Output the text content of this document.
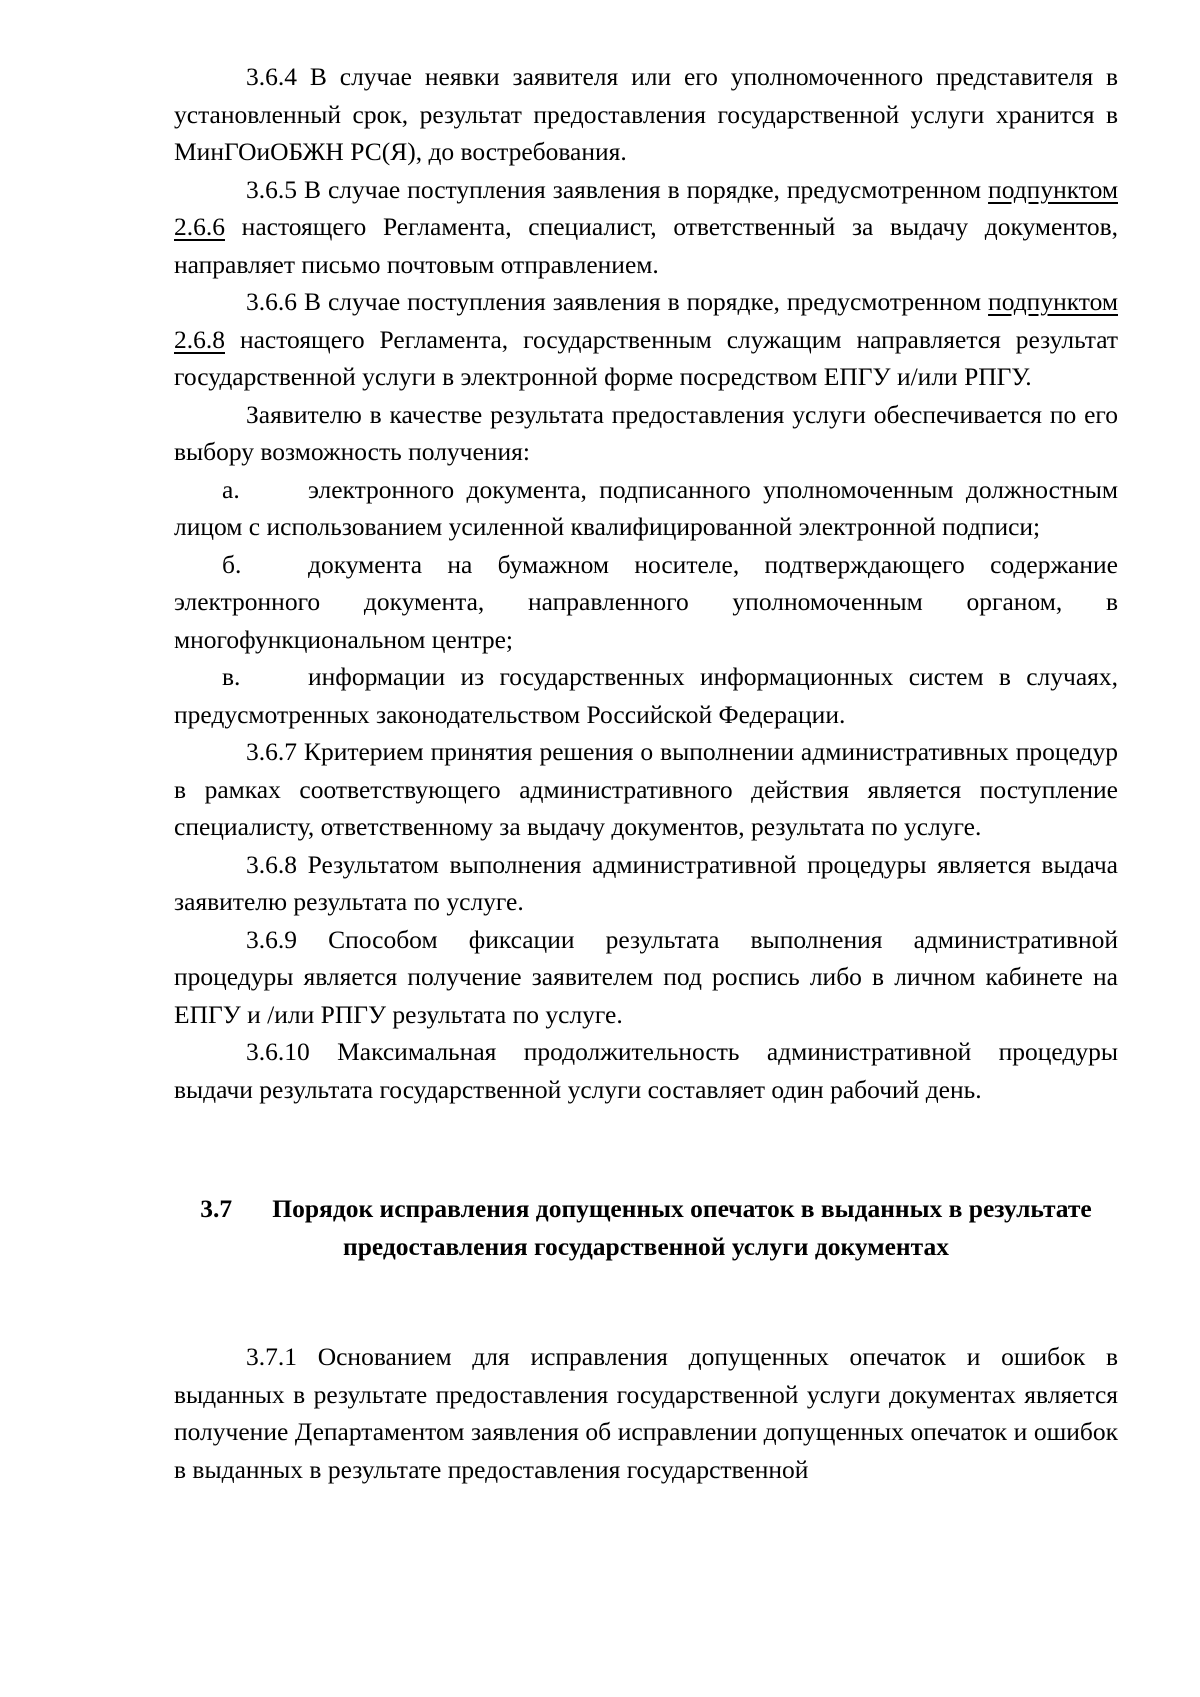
3.6.4 В случае неявки заявителя или его уполномоченного представителя в установленный срок, результат предоставления государственной услуги хранится в МинГОиОБЖН РС(Я), до востребования.

3.6.5 В случае поступления заявления в порядке, предусмотренном подпунктом 2.6.6 настоящего Регламента, специалист, ответственный за выдачу документов, направляет письмо почтовым отправлением.

3.6.6 В случае поступления заявления в порядке, предусмотренном подпунктом 2.6.8 настоящего Регламента, государственным служащим направляется результат государственной услуги в электронной форме посредством ЕПГУ и/или РПГУ.

Заявителю в качестве результата предоставления услуги обеспечивается по его выбору возможность получения:

а.	электронного документа, подписанного уполномоченным должностным лицом с использованием усиленной квалифицированной электронной подписи;

б.	документа на бумажном носителе, подтверждающего содержание электронного документа, направленного уполномоченным органом, в многофункциональном центре;

в.	информации из государственных информационных систем в случаях, предусмотренных законодательством Российской Федерации.

3.6.7 Критерием принятия решения о выполнении административных процедур в рамках соответствующего административного действия является поступление специалисту, ответственному за выдачу документов, результата по услуге.

3.6.8 Результатом выполнения административной процедуры является выдача заявителю результата по услуге.

3.6.9 Способом фиксации результата выполнения административной процедуры является получение заявителем под роспись либо в личном кабинете на ЕПГУ и /или РПГУ результата по услуге.

3.6.10 Максимальная продолжительность административной процедуры выдачи результата государственной услуги составляет один рабочий день.

3.7 Порядок исправления допущенных опечаток в выданных в результате предоставления государственной услуги документах

3.7.1 Основанием для исправления допущенных опечаток и ошибок в выданных в результате предоставления государственной услуги документах является получение Департаментом заявления об исправлении допущенных опечаток и ошибок в выданных в результате предоставления государственной
